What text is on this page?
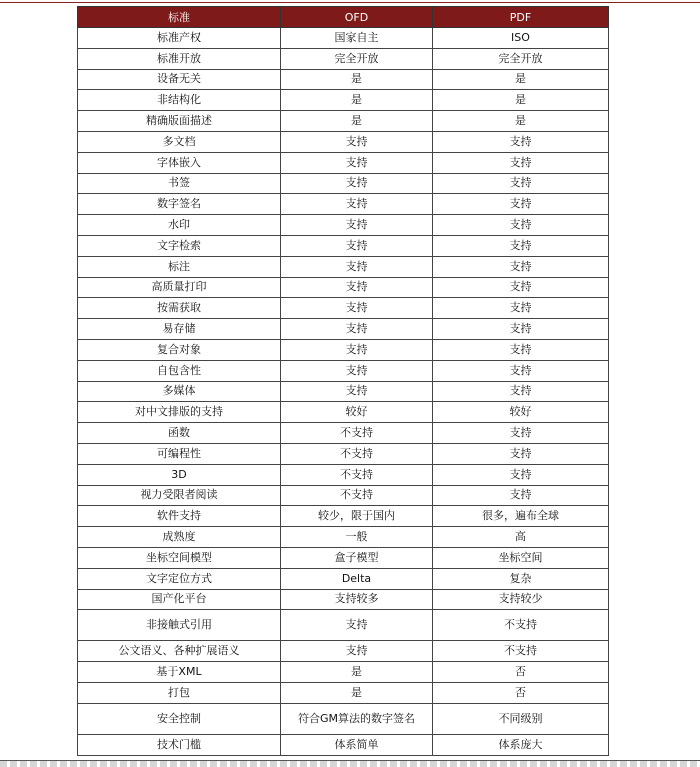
标准	OFD	PDF
标准产权	国家自主	ISO
标准开放	完全开放	完全开放
设备无关	是	是
非结构化	是	是
精确版面描述	是	是
多文档	支持	支持
字体嵌入	支持	支持
书签	支持	支持
数字签名	支持	支持
水印	支持	支持
文字检索	支持	支持
标注	支持	支持
高质量打印	支持	支持
按需获取	支持	支持
易存储	支持	支持
复合对象	支持	支持
自包含性	支持	支持
多媒体	支持	支持
对中文排版的支持	较好	较好
函数	不支持	支持
可编程性	不支持	支持
3D	不支持	支持
视力受限者阅读	不支持	支持
软件支持	较少，限于国内	很多，遍布全球
成熟度	一般	高
坐标空间模型	盒子模型	坐标空间
文字定位方式	Delta	复杂
国产化平台	支持较多	支持较少
非接触式引用	支持	不支持
公文语义、各种扩展语义	支持	不支持
基于XML	是	否
打包	是	否
安全控制	符合GM算法的数字签名	不同级别
技术门槛	体系简单	体系庞大
